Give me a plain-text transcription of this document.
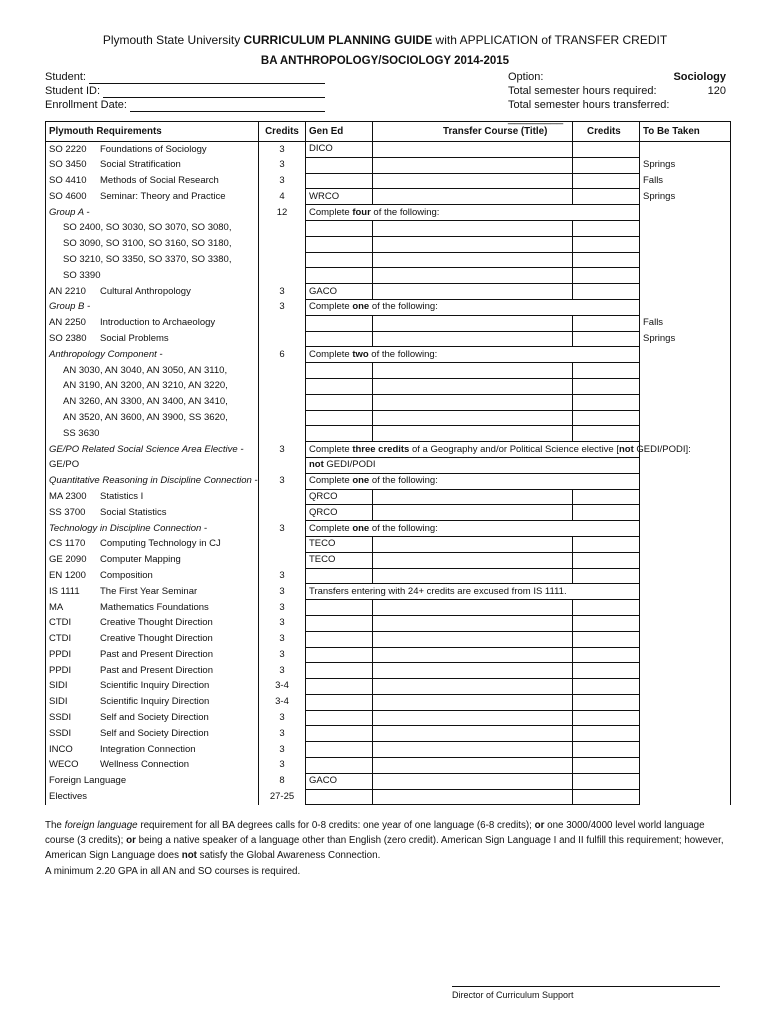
Plymouth State University CURRICULUM PLANNING GUIDE with APPLICATION of TRANSFER CREDIT
BA ANTHROPOLOGY/SOCIOLOGY 2014-2015
Student:
Student ID:
Enrollment Date:
Option:	Sociology
Total semester hours required:	120
Total semester hours transferred: _________
Plymouth Requirements	Credits	Gen Ed	Transfer Course (Title)	Credits	To Be Taken
SO 2220 Foundations of Sociology	3	DICO			
SO 3450 Social Stratification	3				Springs
SO 4410 Methods of Social Research	3				Falls
SO 4600 Seminar: Theory and Practice	4	WRCO			Springs
Group A -	12	Complete four of the following:			
SO 2400, SO 3030, SO 3070, SO 3080,					
SO 3090, SO 3100, SO 3160, SO 3180,					
SO 3210, SO 3350, SO 3370, SO 3380,					
SO 3390					
AN 2210 Cultural Anthropology	3	GACO			
Group B -	3	Complete one of the following:			
AN 2250 Introduction to Archaeology					Falls
SO 2380 Social Problems					Springs
Anthropology Component -	6	Complete two of the following:			
AN 3030, AN 3040, AN 3050, AN 3110,					
AN 3190, AN 3200, AN 3210, AN 3220,					
AN 3260, AN 3300, AN 3400, AN 3410,					
AN 3520, AN 3600, AN 3900, SS 3620,					
SS 3630					
GE/PO Related Social Science Area Elective -	3	Complete three credits of a Geography and/or Political Science elective [not GEDI/PODI]:			
GE/PO		not GEDI/PODI			
Quantitative Reasoning in Discipline Connection -	3	Complete one of the following:			
MA 2300 Statistics I		QRCO			
SS 3700 Social Statistics		QRCO			
Technology in Discipline Connection -	3	Complete one of the following:			
CS 1170 Computing Technology in CJ		TECO			
GE 2090 Computer Mapping		TECO			
EN 1200 Composition	3				
IS 1111 The First Year Seminar	3	Transfers entering with 24+ credits are excused from IS 1111.			
MA Mathematics Foundations	3				
CTDI Creative Thought Direction	3				
CTDI Creative Thought Direction	3				
PPDI Past and Present Direction	3				
PPDI Past and Present Direction	3				
SIDI Scientific Inquiry Direction	3-4				
SIDI Scientific Inquiry Direction	3-4				
SSDI Self and Society Direction	3				
SSDI Self and Society Direction	3				
INCO Integration Connection	3				
WECO Wellness Connection	3				
Foreign Language	8	GACO			
Electives	27-25				
The foreign language requirement for all BA degrees calls for 0-8 credits: one year of one language (6-8 credits); or one 3000/4000 level world language course (3 credits); or being a native speaker of a language other than English (zero credit). American Sign Language I and II fulfill this requirement; however, American Sign Language does not satisfy the Global Awareness Connection.
A minimum 2.20 GPA in all AN and SO courses is required.
Director of Curriculum Support
